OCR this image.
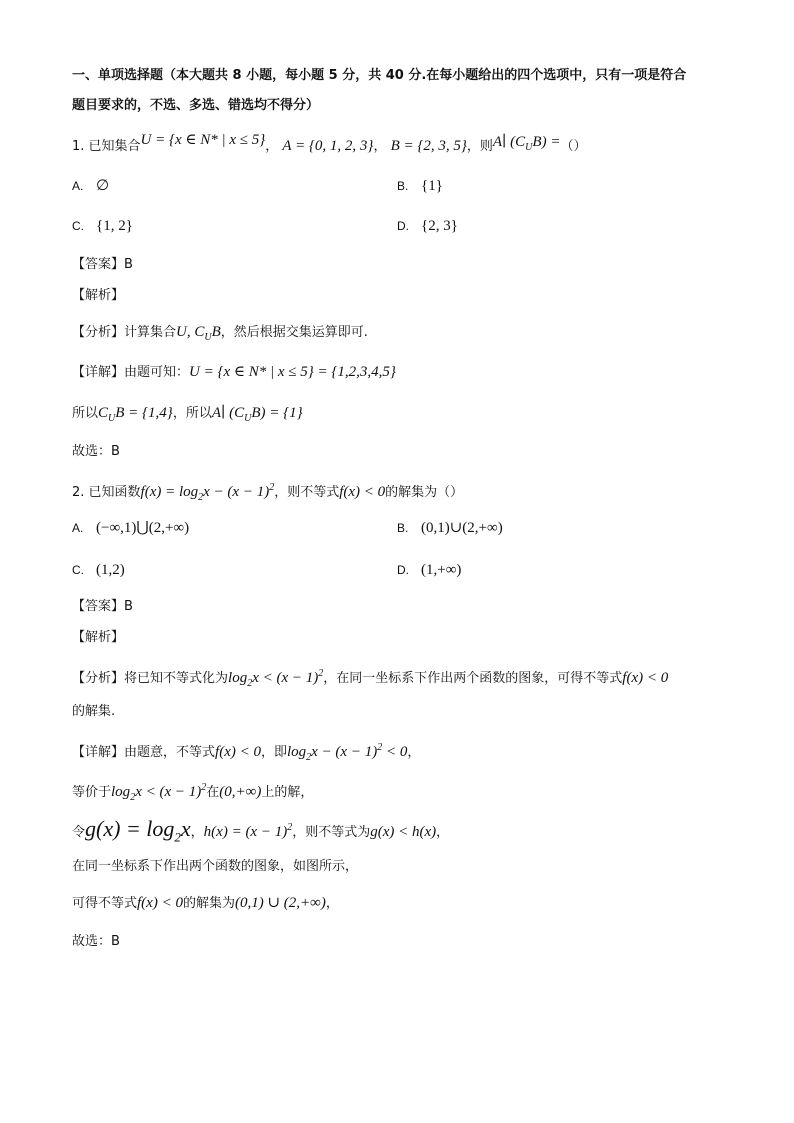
一、单项选择题（本大题共 8 小题，每小题 5 分，共 40 分.在每小题给出的四个选项中，只有一项是符合
题目要求的，不选、多选、错选均不得分）
1. 已知集合U = {x ∈ N* | x ≤ 5}， A = {0, 1, 2, 3}， B = {2, 3, 5}，则A∣ $(C_UB)$ =（）
A. ∅	B. {1}
C. {1, 2}	D. {2, 3}
【答案】B
【解析】
【分析】计算集合U, $C_UB$，然后根据交集运算即可.
【详解】由题可知：U = {x ∈ N* | x ≤ 5} = {1,2,3,4,5}
所以$C_UB = \{1,4\}$，所以A∣ $(C_UB) = \{1\}$
故选：B
2. 已知函数$f(x) = \log_2x - (x - 1)^2$，则不等式f(x) < 0的解集为（）
A. (−∞,1)⋃(2,+∞)	B. (0,1)∪(2,+∞)
C. (1,2)	D. (1,+∞)
【答案】B
【解析】
【分析】将已知不等式化为$\log_2x < (x - 1)^2$，在同一坐标系下作出两个函数的图象，可得不等式f(x) < 0
的解集.
【详解】由题意，不等式f(x) < 0，即$\log_2x - (x - 1)^2 < 0$，
等价于$\log_2x < (x - 1)^2$在(0,+∞)上的解，
令$g(x) = \log_2x$，$h(x) = (x - 1)^2$，则不等式为g(x) < h(x)，
在同一坐标系下作出两个函数的图象，如图所示，
可得不等式f(x) < 0的解集为(0,1) ∪ (2,+∞)，
故选：B
